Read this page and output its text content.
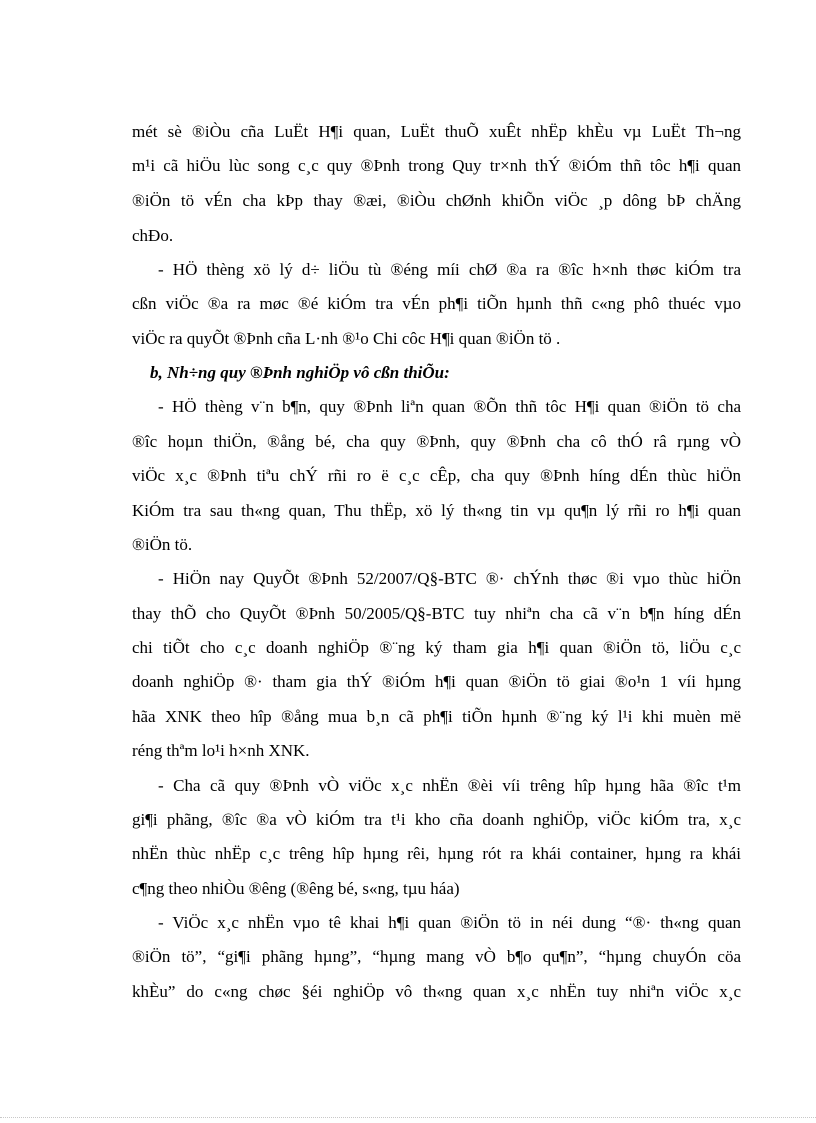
mét sè ®iÒu cña LuËt H¶i quan, LuËt thuÕ xuÊt nhËp khÈu vµ LuËt Th¬ng
m¹i cã hiÖu lùc song c¸c quy ®Þnh trong Quy tr×nh thÝ ®iÓm thñ tôc h¶i quan
®iÖn tö vÉn cha kÞp thay ®æi, ®iÒu chØnh khiÕn viÖc ¸p dông bÞ chÄng
chÐo.
- HÖ thèng xö lý d÷ liÖu tù ®éng míi chØ ®a ra ®îc h×nh thøc kiÓm tra
cßn viÖc ®a ra møc ®é kiÓm tra vÉn ph¶i tiÕn hµnh thñ c«ng phô thuéc vµo
viÖc ra quyÕt ®Þnh cña L·nh ®¹o Chi côc H¶i quan ®iÖn tö .
b, Nh÷ng quy ®Þnh nghiÖp vô cßn thiÕu:
- HÖ thèng v¨n b¶n, quy ®Þnh liªn quan ®Õn thñ tôc H¶i quan ®iÖn tö cha
®îc hoµn thiÖn, ®ång bé, cha quy ®Þnh, quy ®Þnh cha cô thÓ râ rµng vÒ
viÖc x¸c ®Þnh tiªu chÝ rñi ro ë c¸c cÊp, cha quy ®Þnh híng dÉn thùc hiÖn
KiÓm tra sau th«ng quan, Thu thËp, xö lý th«ng tin vµ qu¶n lý rñi ro h¶i quan
®iÖn tö.
- HiÖn nay QuyÕt ®Þnh 52/2007/Q§-BTC ®· chÝnh thøc ®i vµo thùc hiÖn
thay thÕ cho QuyÕt ®Þnh 50/2005/Q§-BTC tuy nhiªn cha cã v¨n b¶n híng dÉn
chi tiÕt cho c¸c doanh nghiÖp ®¨ng ký tham gia h¶i quan ®iÖn tö, liÖu c¸c
doanh nghiÖp ®· tham gia thÝ ®iÓm h¶i quan ®iÖn tö giai ®o¹n 1 víi hµng
hãa XNK theo hîp ®ång mua b¸n cã ph¶i tiÕn hµnh ®¨ng ký l¹i khi muèn më
réng thªm lo¹i h×nh XNK.
- Cha cã quy ®Þnh vÒ viÖc x¸c nhËn ®èi víi trêng hîp hµng hãa ®îc t¹m
gi¶i phãng, ®îc ®a vÒ kiÓm tra t¹i kho cña doanh nghiÖp, viÖc kiÓm tra, x¸c
nhËn thùc nhËp c¸c trêng hîp hµng rêi, hµng rót ra khái container, hµng ra khái
c¶ng theo nhiÒu ®êng (®êng bé, s«ng, tµu háa)
- ViÖc x¸c nhËn vµo tê khai h¶i quan ®iÖn tö in néi dung “®· th«ng quan
®iÖn tö”, “gi¶i phãng hµng”, “hµng mang vÒ b¶o qu¶n”, “hµng chuyÓn cöa
khÈu” do c«ng chøc §éi nghiÖp vô th«ng quan x¸c nhËn tuy nhiªn viÖc x¸c
